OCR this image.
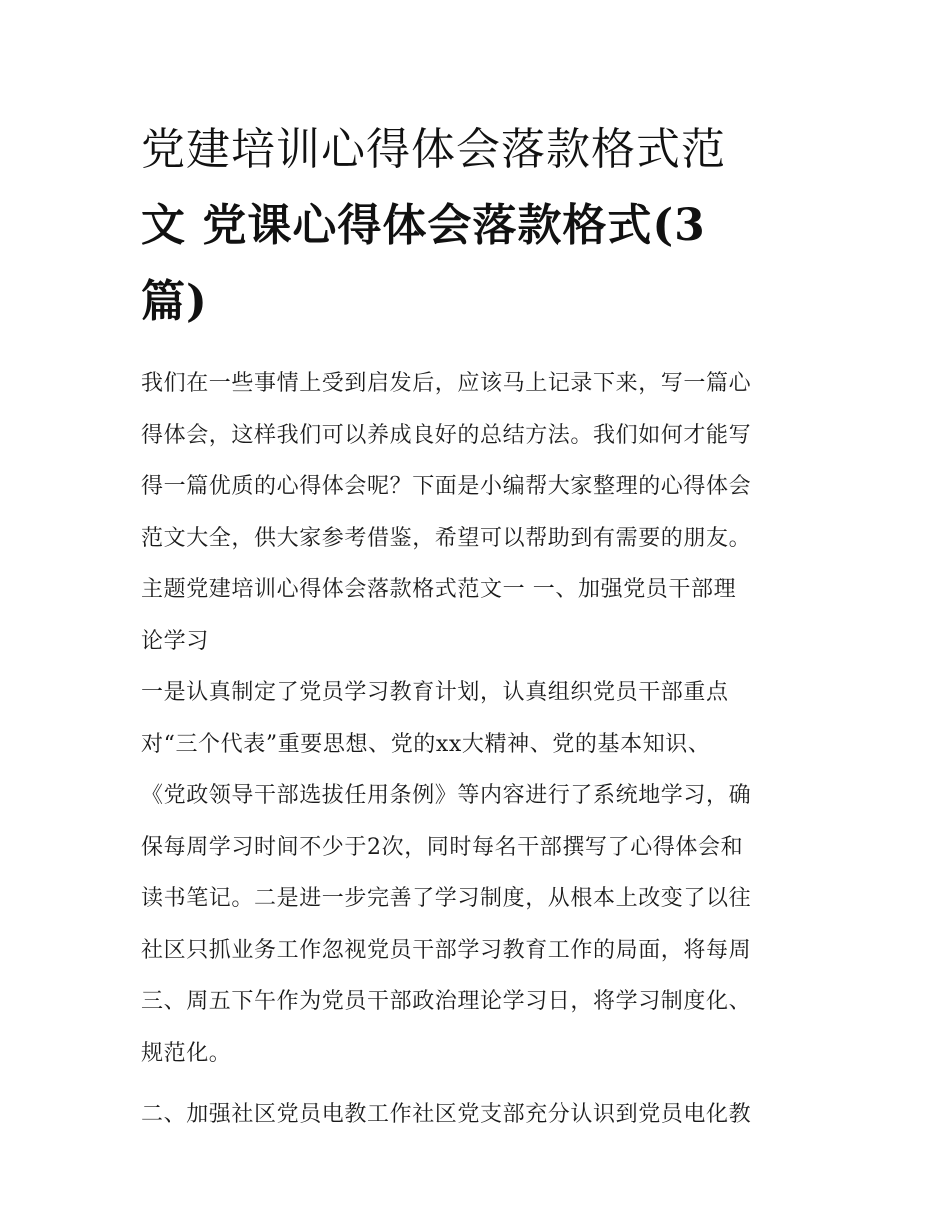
党建培训心得体会落款格式范
文 党课心得体会落款格式(3
篇)

我们在一些事情上受到启发后，应该马上记录下来，写一篇心

得体会，这样我们可以养成良好的总结方法。我们如何才能写

得一篇优质的心得体会呢？下面是小编帮大家整理的心得体会

范文大全，供大家参考借鉴，希望可以帮助到有需要的朋友。

主题党建培训心得体会落款格式范文一 一、加强党员干部理

论学习

一是认真制定了党员学习教育计划，认真组织党员干部重点

对“三个代表”重要思想、党的xx大精神、党的基本知识、

《党政领导干部选拔任用条例》等内容进行了系统地学习，确

保每周学习时间不少于2次，同时每名干部撰写了心得体会和

读书笔记。二是进一步完善了学习制度，从根本上改变了以往

社区只抓业务工作忽视党员干部学习教育工作的局面，将每周

三、周五下午作为党员干部政治理论学习日，将学习制度化、

规范化。

二、加强社区党员电教工作社区党支部充分认识到党员电化教
